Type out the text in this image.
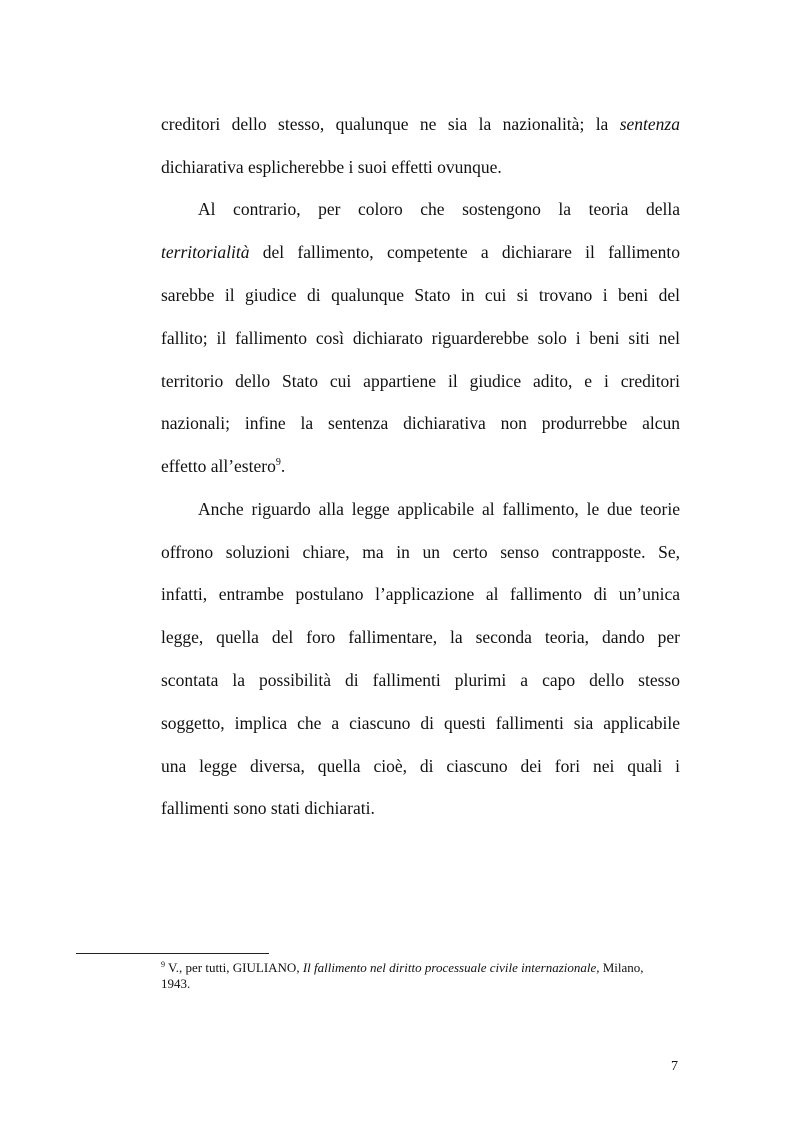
creditori dello stesso, qualunque ne sia la nazionalità; la sentenza
dichiarativa esplicherebbe i suoi effetti ovunque.
Al contrario, per coloro che sostengono la teoria della
territorialità del fallimento, competente a dichiarare il fallimento
sarebbe il giudice di qualunque Stato in cui si trovano i beni del
fallito; il fallimento così dichiarato riguarderebbe solo i beni siti nel
territorio dello Stato cui appartiene il giudice adito, e i creditori
nazionali; infine la sentenza dichiarativa non produrrebbe alcun
effetto all’estero$^9$.
Anche riguardo alla legge applicabile al fallimento, le due teorie
offrono soluzioni chiare, ma in un certo senso contrapposte. Se,
infatti, entrambe postulano l’applicazione al fallimento di un’unica
legge, quella del foro fallimentare, la seconda teoria, dando per
scontata la possibilità di fallimenti plurimi a capo dello stesso
soggetto, implica che a ciascuno di questi fallimenti sia applicabile
una legge diversa, quella cioè, di ciascuno dei fori nei quali i
fallimenti sono stati dichiarati.
$^9$ V., per tutti, GIULIANO, Il fallimento nel diritto processuale civile internazionale, Milano,
1943.
7
